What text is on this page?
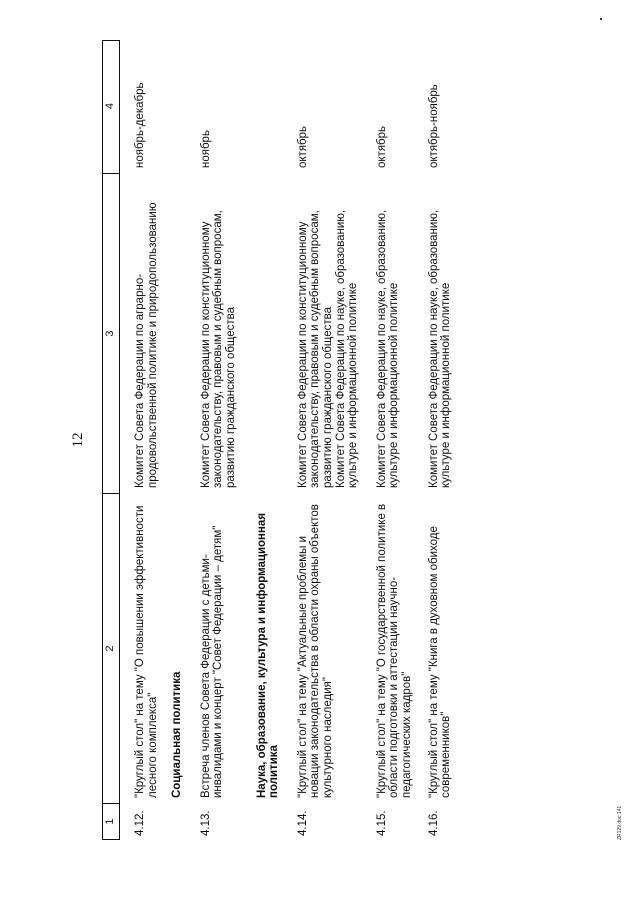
12
1
2
3
4
4.12.
"Круглый стол" на тему "О повышении эффективности лесного комплекса"
Комитет Совета Федерации по аграрно-продовольственной политике и природопользованию
ноябрь-декабрь
Социальная политика
4.13.
Встреча членов Совета Федерации с детьми-инвалидами и концерт "Совет Федерации – детям"
Комитет Совета Федерации по конституционному законодательству, правовым и судебным вопросам, развитию гражданского общества
ноябрь
Наука, образование, культура и информационная политика
4.14.
"Круглый стол" на тему "Актуальные проблемы и новации законодательства в области охраны объектов культурного наследия"
Комитет Совета Федерации по конституционному законодательству, правовым и судебным вопросам, развитию гражданского общества
Комитет Совета Федерации по науке, образованию, культуре и информационной политике
октябрь
4.15.
"Круглый стол" на тему "О государственной политике в области подготовки и аттестации научно-педагогических кадров"
Комитет Совета Федерации по науке, образованию, культуре и информационной политике
октябрь
4.16.
"Круглый стол" на тему "Книга в духовном обиходе современников"
Комитет Совета Федерации по науке, образованию, культуре и информационной политике
октябрь-ноябрь
ZR129.doc 141
